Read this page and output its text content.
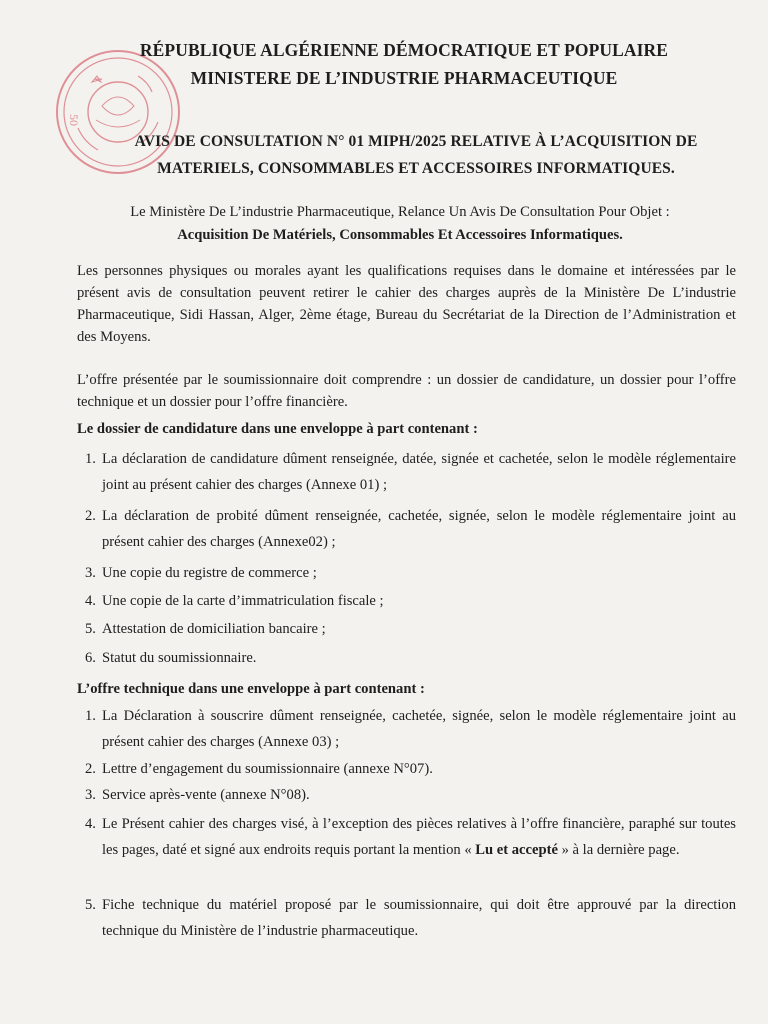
50
RÉPUBLIQUE ALGÉRIENNE DÉMOCRATIQUE ET POPULAIRE
MINISTERE DE L’INDUSTRIE PHARMACEUTIQUE
AVIS DE CONSULTATION N° 01 MIPH/2025 RELATIVE À L’ACQUISITION DE
MATERIELS, CONSOMMABLES ET ACCESSOIRES INFORMATIQUES.
Le Ministère De L’industrie Pharmaceutique, Relance Un Avis De Consultation Pour Objet :
Acquisition De Matériels, Consommables Et Accessoires Informatiques.
Les personnes physiques ou morales ayant les qualifications requises dans le domaine et intéressées par le présent avis de consultation peuvent retirer le cahier des charges auprès de la Ministère De L’industrie Pharmaceutique, Sidi Hassan, Alger, 2ème étage, Bureau du Secrétariat de la Direction de l’Administration et des Moyens.
L’offre présentée par le soumissionnaire doit comprendre : un dossier de candidature, un dossier pour l’offre technique et un dossier pour l’offre financière.
Le dossier de candidature dans une enveloppe à part contenant :
1. La déclaration de candidature dûment renseignée, datée, signée et cachetée, selon le modèle réglementaire joint au présent cahier des charges (Annexe 01) ;
2. La déclaration de probité dûment renseignée, cachetée, signée, selon le modèle réglementaire joint au présent cahier des charges (Annexe02) ;
3. Une copie du registre de commerce ;
4. Une copie de la carte d’immatriculation fiscale ;
5. Attestation de domiciliation bancaire ;
6. Statut du soumissionnaire.
L’offre technique dans une enveloppe à part contenant :
1. La Déclaration à souscrire dûment renseignée, cachetée, signée, selon le modèle réglementaire joint au présent cahier des charges (Annexe 03) ;
2. Lettre d’engagement du soumissionnaire (annexe N°07).
3. Service après-vente (annexe N°08).
4. Le Présent cahier des charges visé, à l’exception des pièces relatives à l’offre financière, paraphé sur toutes les pages, daté et signé aux endroits requis portant la mention « Lu et accepté » à la dernière page.
5. Fiche technique du matériel proposé par le soumissionnaire, qui doit être approuvé par la direction technique du Ministère de l’industrie pharmaceutique.
